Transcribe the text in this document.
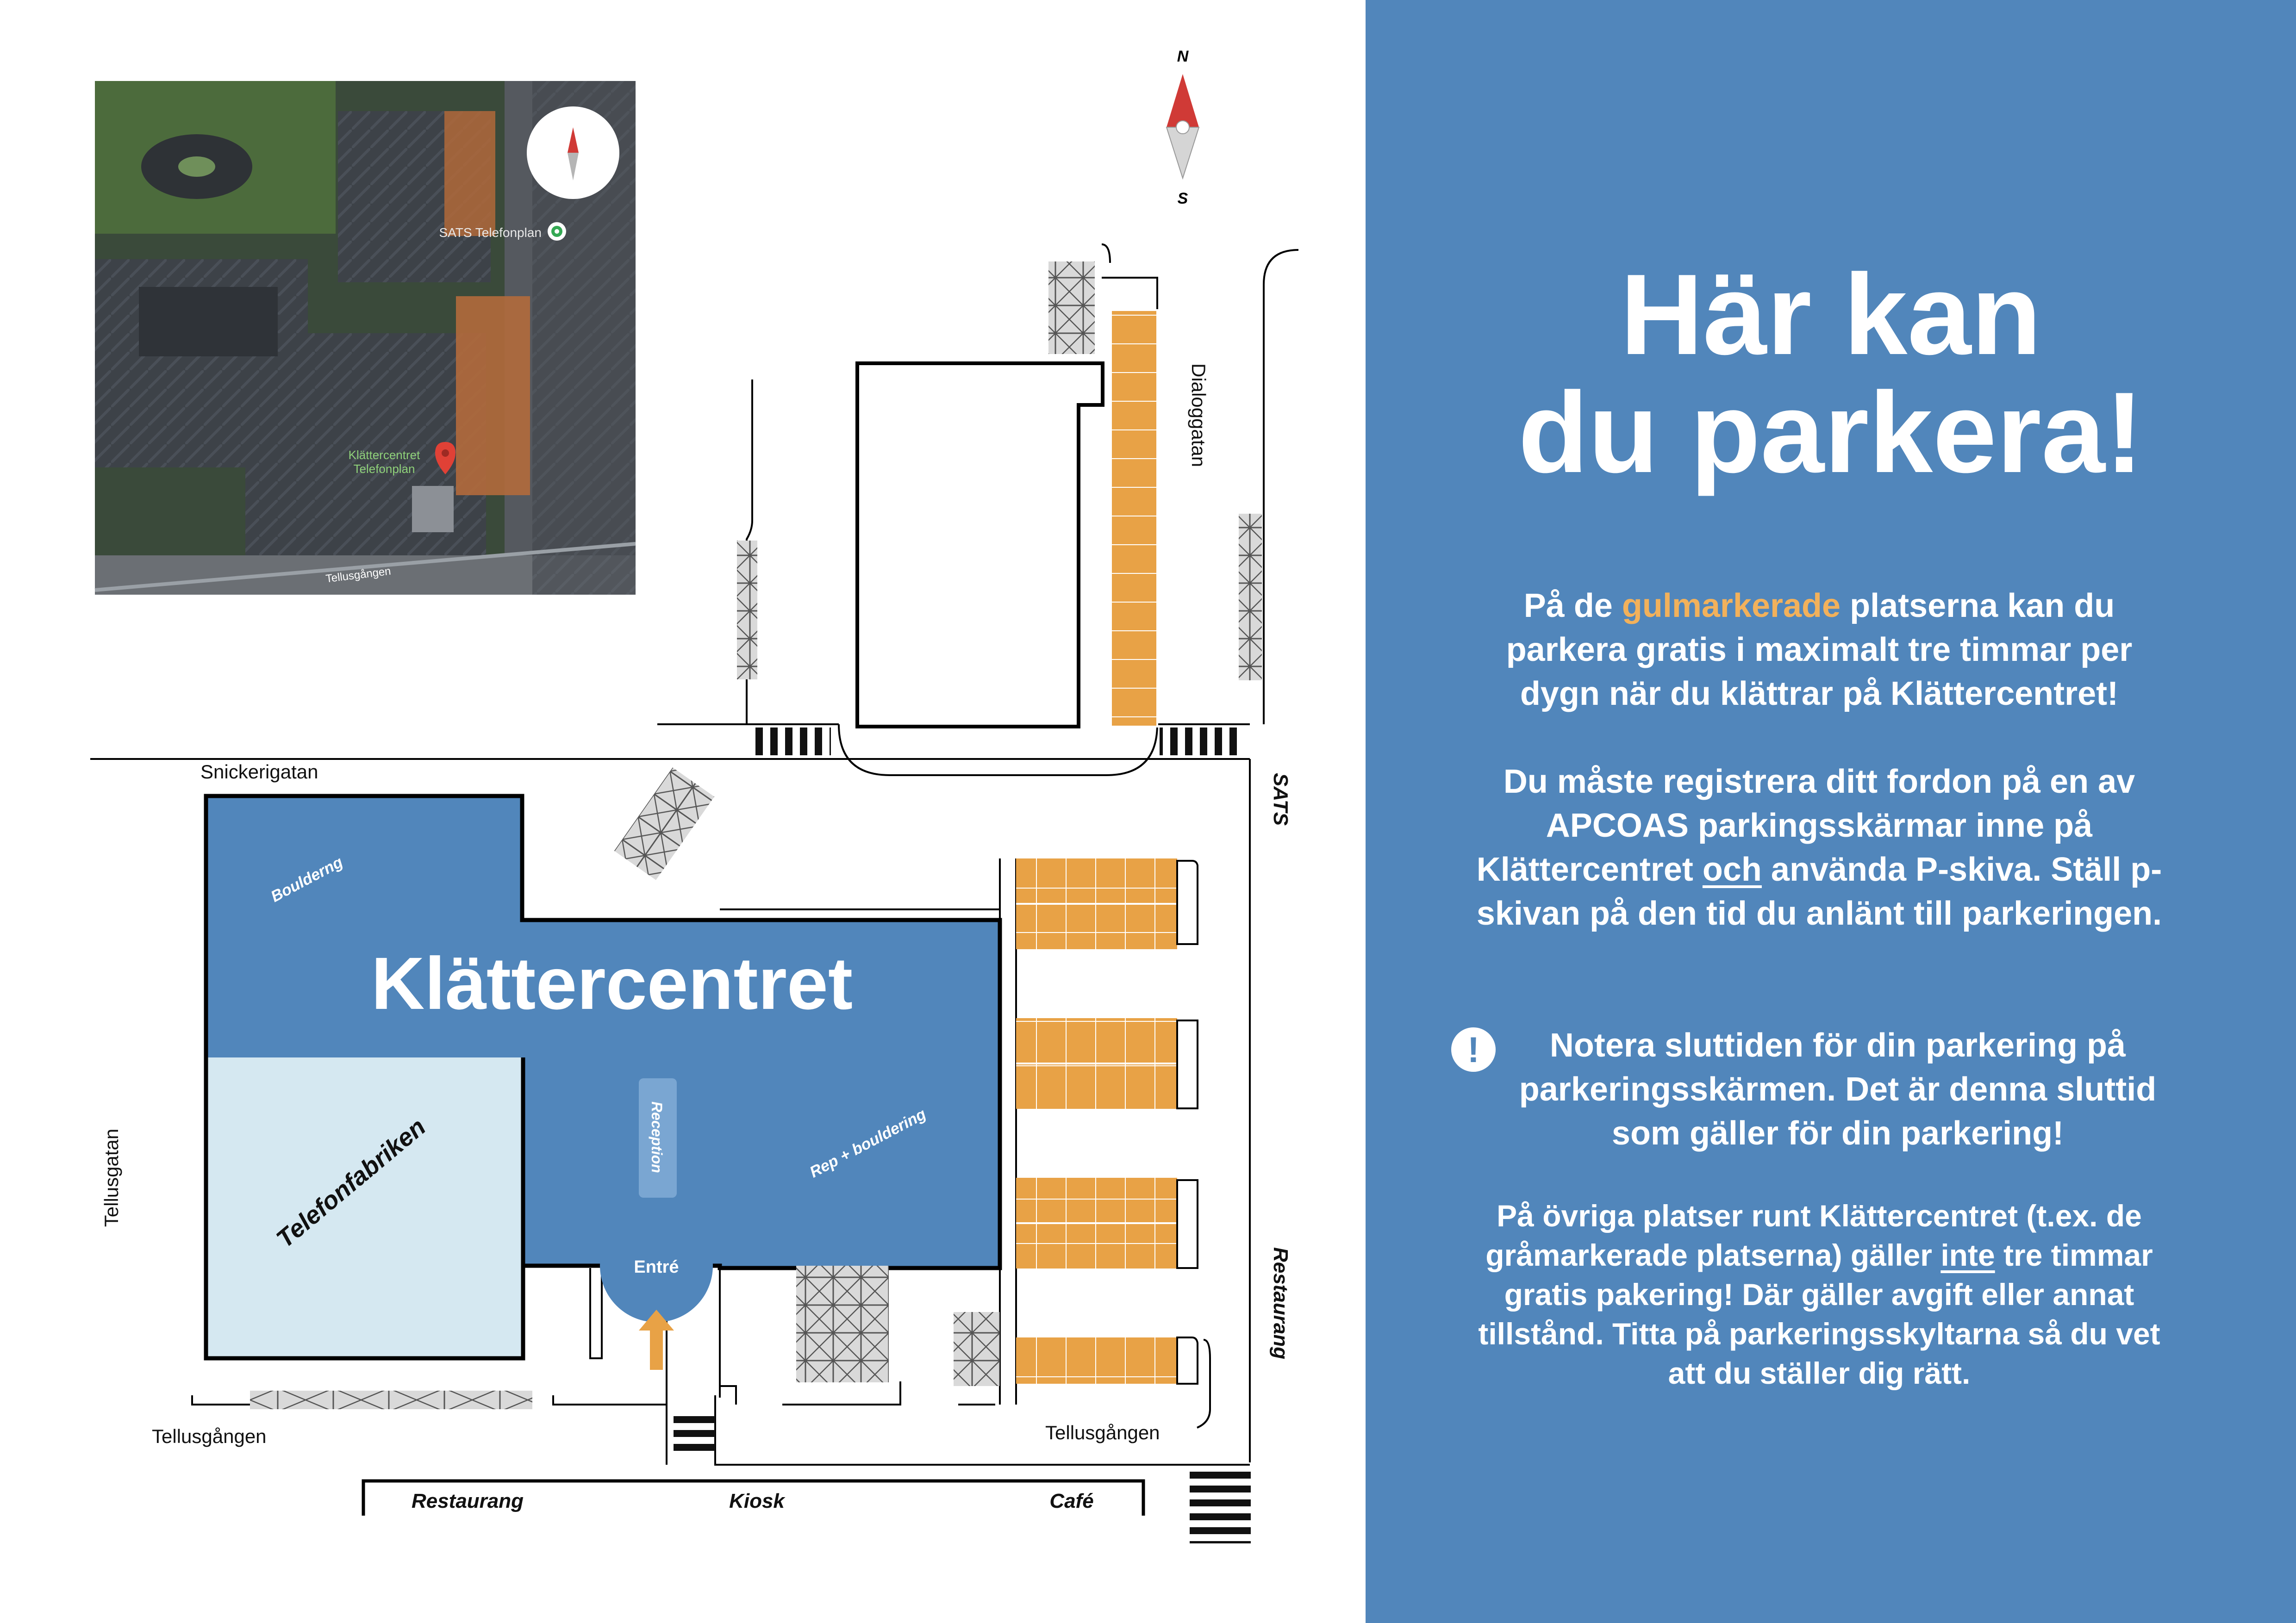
SATS Telefonplan
Klättercentret
Telefonplan
Tellusgången
N
S
Snickerigatan
Dialoggatan
Tellusgatan
Tellusgången	Tellusgången
SATS
Restaurang
Restaurang	Kiosk	Café
Klättercentret
Boulderng
Rep + bouldering
Reception
Entré
Telefonfabriken
Här kan
du parkera!
På de gulmarkerade platserna kan du parkera gratis i maximalt tre timmar per dygn när du klättrar på Klättercentret!
Du måste registrera ditt fordon på en av APCOAS parkingsskärmar inne på Klättercentret och använda P-skiva. Ställ p-skivan på den tid du anlänt till parkeringen.
!	Notera sluttiden för din parkering på parkeringsskärmen. Det är denna sluttid som gäller för din parkering!
På övriga platser runt Klättercentret (t.ex. de gråmarkerade platserna) gäller inte tre timmar gratis pakering! Där gäller avgift eller annat tillstånd. Titta på parkeringsskyltarna så du vet att du ställer dig rätt.
